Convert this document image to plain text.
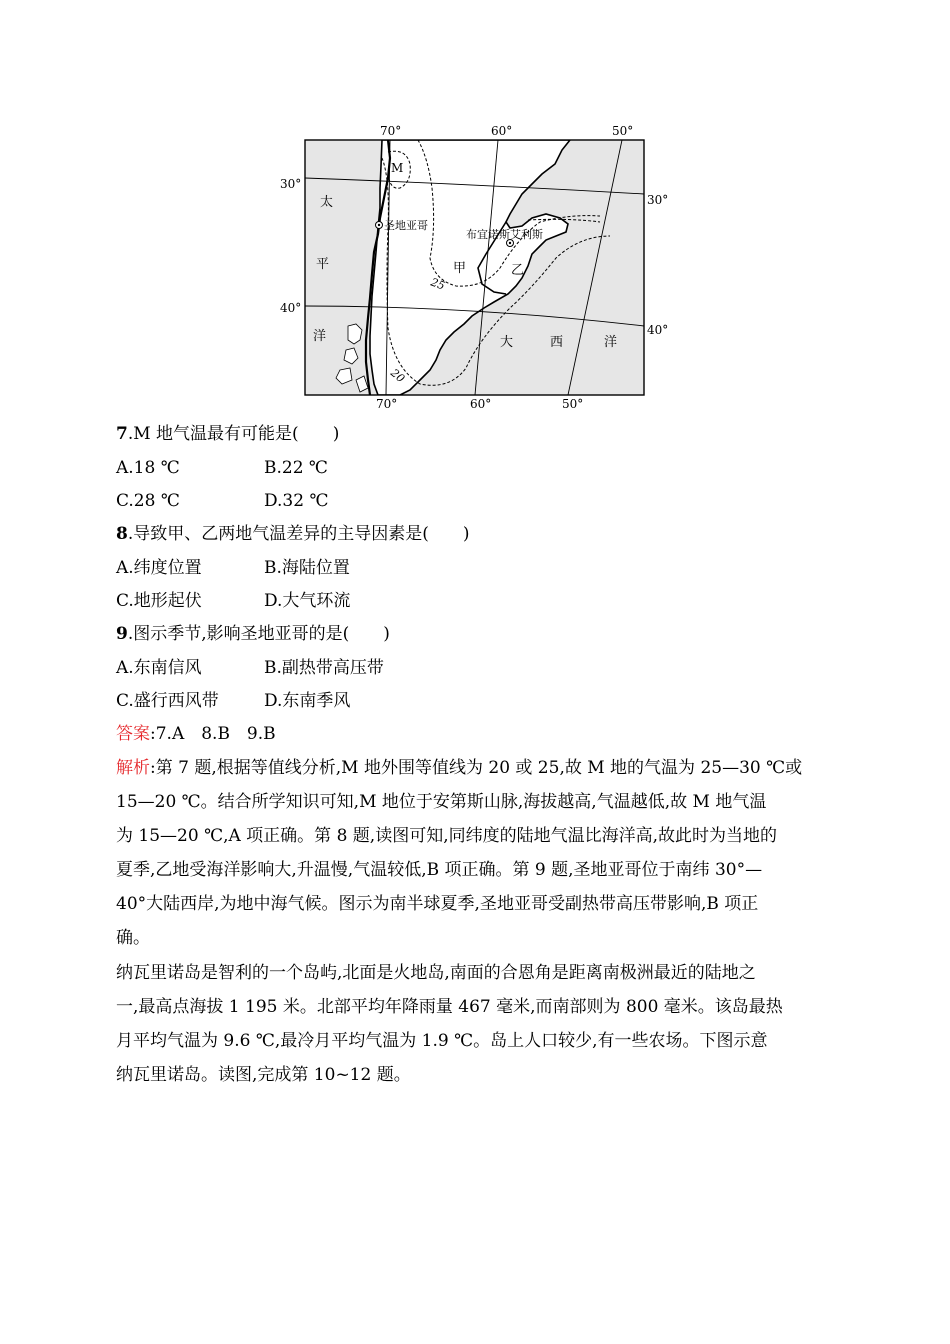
70°	60°	50°
70°	60°	50°
30°
40°
30°
40°
M
圣地亚哥
布宜诺斯艾利斯
甲	乙
25
20
太
平
洋	大	西	洋
7.M 地气温最有可能是(　　)
A.18 ℃	B.22 ℃
C.28 ℃	D.32 ℃
8.导致甲、乙两地气温差异的主导因素是(　　)
A.纬度位置	B.海陆位置
C.地形起伏	D.大气环流
9.图示季节,影响圣地亚哥的是(　　)
A.东南信风	B.副热带高压带
C.盛行西风带	D.东南季风
答案:7.A　8.B　9.B
解析:第 7 题,根据等值线分析,M 地外围等值线为 20 或 25,故 M 地的气温为 25—30 ℃或
15—20 ℃。结合所学知识可知,M 地位于安第斯山脉,海拔越高,气温越低,故 M 地气温
为 15—20 ℃,A 项正确。第 8 题,读图可知,同纬度的陆地气温比海洋高,故此时为当地的
夏季,乙地受海洋影响大,升温慢,气温较低,B 项正确。第 9 题,圣地亚哥位于南纬 30°—
40°大陆西岸,为地中海气候。图示为南半球夏季,圣地亚哥受副热带高压带影响,B 项正
确。
纳瓦里诺岛是智利的一个岛屿,北面是火地岛,南面的合恩角是距离南极洲最近的陆地之
一,最高点海拔 1 195 米。北部平均年降雨量 467 毫米,而南部则为 800 毫米。该岛最热
月平均气温为 9.6 ℃,最冷月平均气温为 1.9 ℃。岛上人口较少,有一些农场。下图示意
纳瓦里诺岛。读图,完成第 10~12 题。
